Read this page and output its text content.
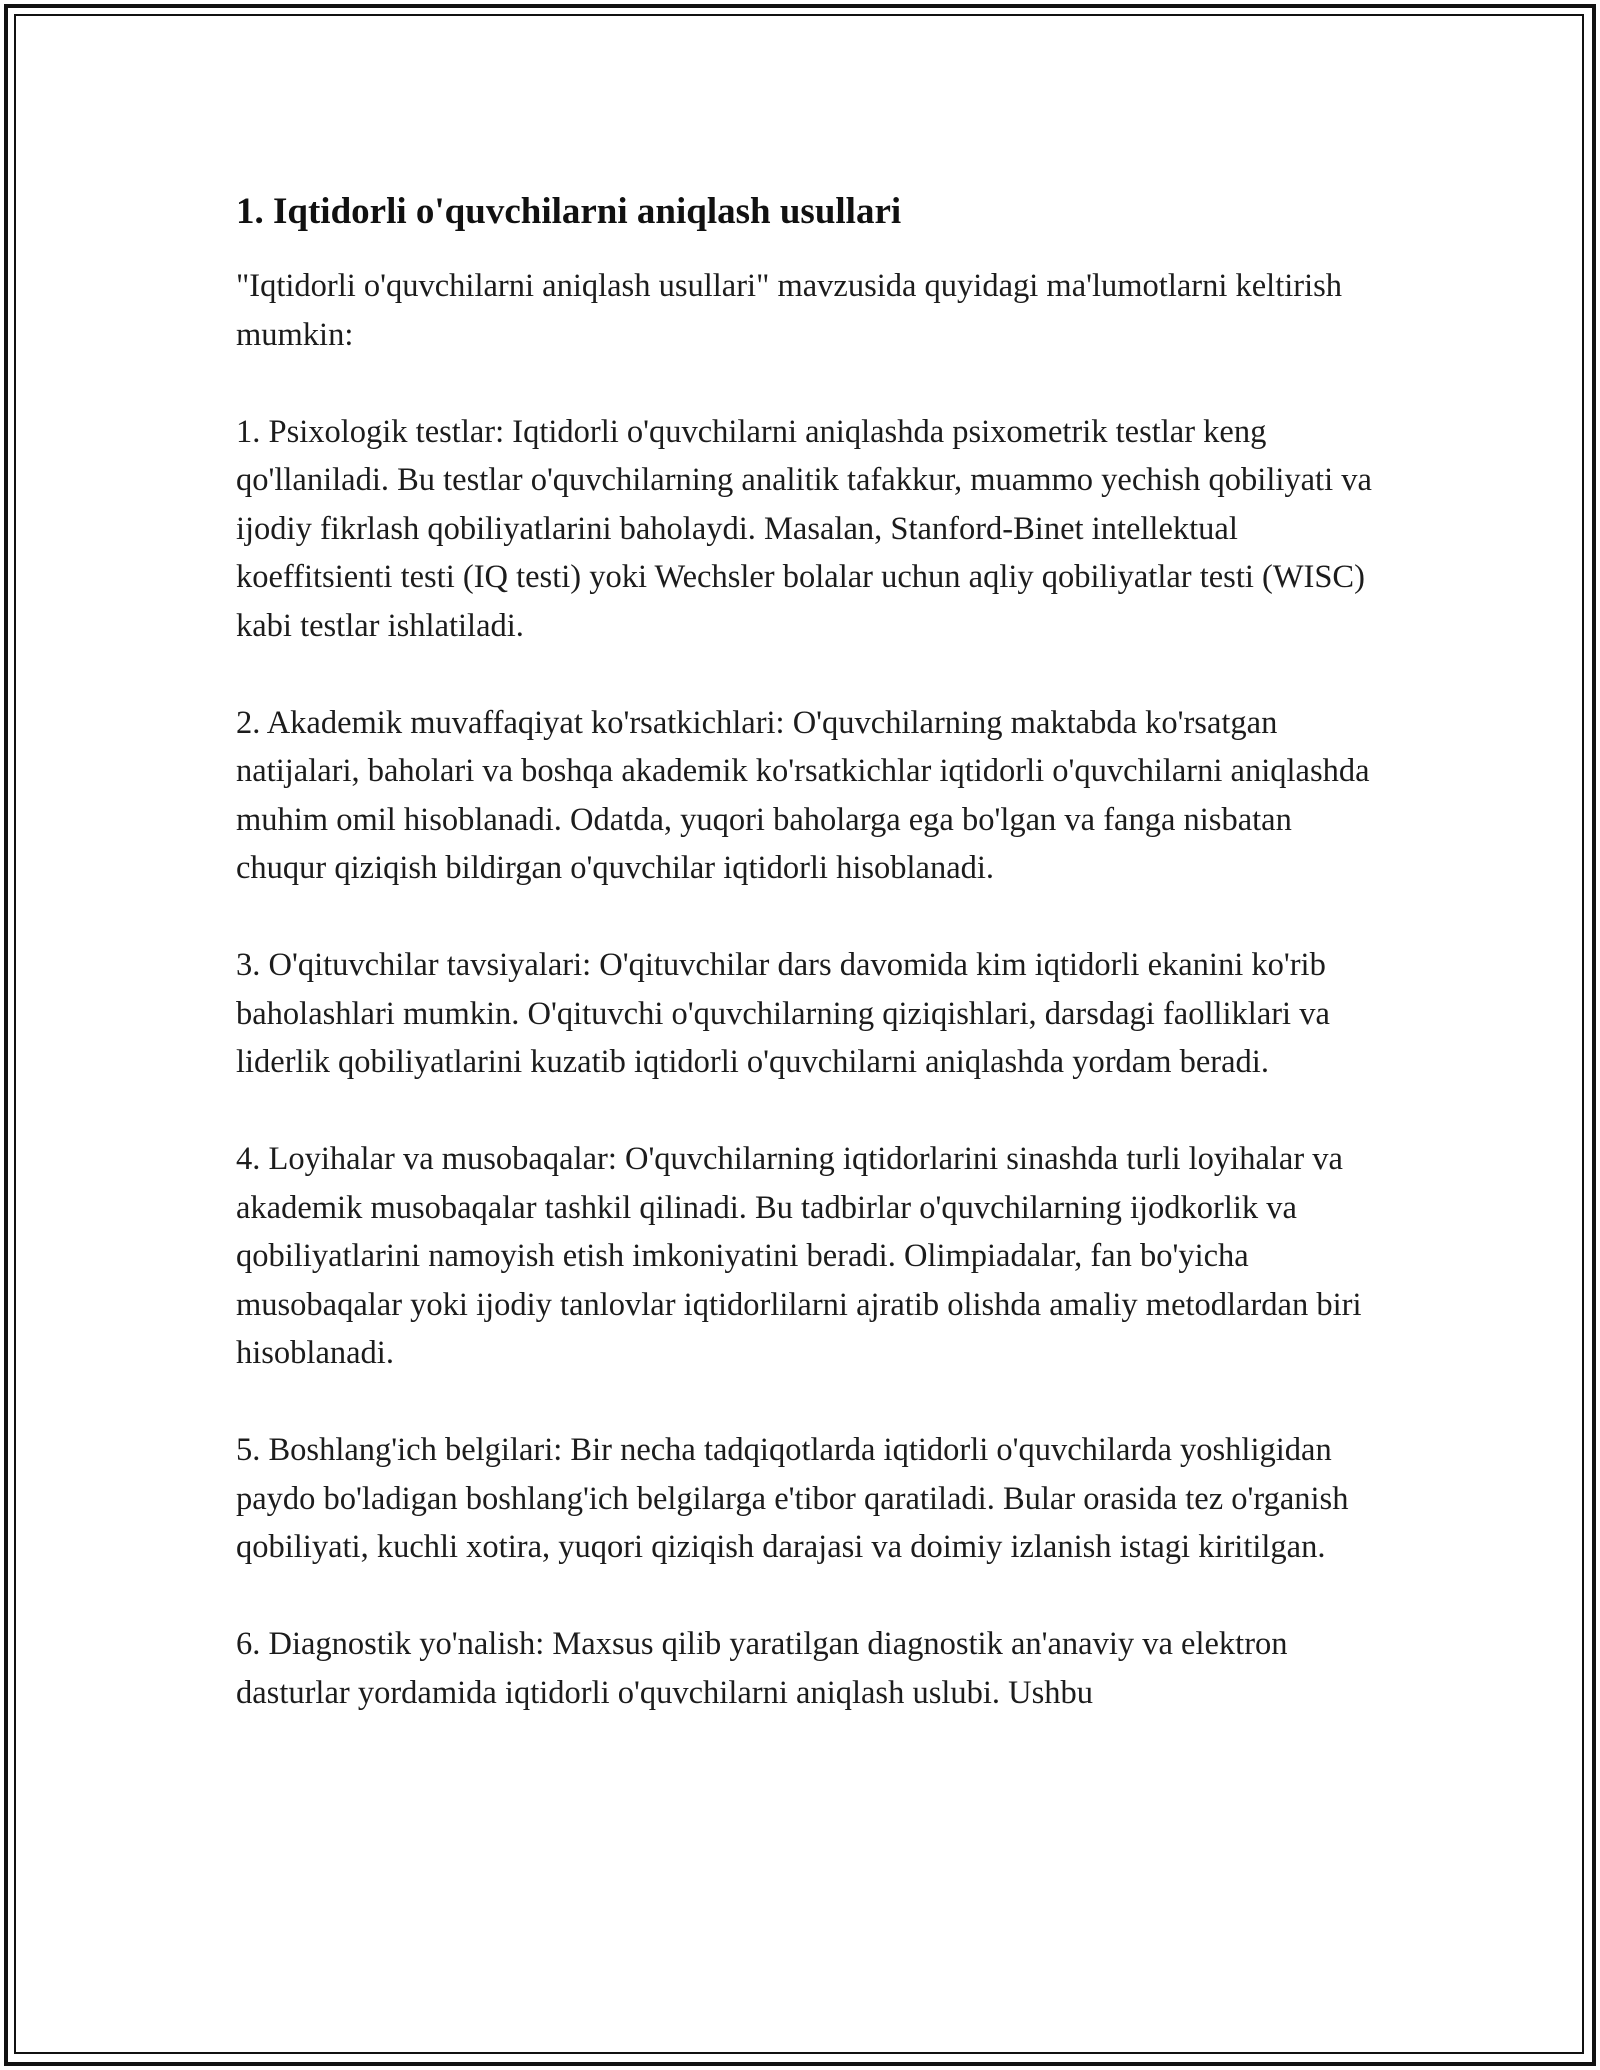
1. Iqtidorli o'quvchilarni aniqlash usullari

"Iqtidorli o'quvchilarni aniqlash usullari" mavzusida quyidagi ma'lumotlarni keltirish mumkin:

1. Psixologik testlar: Iqtidorli o'quvchilarni aniqlashda psixometrik testlar keng qo'llaniladi. Bu testlar o'quvchilarning analitik tafakkur, muammo yechish qobiliyati va ijodiy fikrlash qobiliyatlarini baholaydi. Masalan, Stanford-Binet intellektual koeffitsienti testi (IQ testi) yoki Wechsler bolalar uchun aqliy qobiliyatlar testi (WISC) kabi testlar ishlatiladi.

2. Akademik muvaffaqiyat ko'rsatkichlari: O'quvchilarning maktabda ko'rsatgan natijalari, baholari va boshqa akademik ko'rsatkichlar iqtidorli o'quvchilarni aniqlashda muhim omil hisoblanadi. Odatda, yuqori baholarga ega bo'lgan va fanga nisbatan chuqur qiziqish bildirgan o'quvchilar iqtidorli hisoblanadi.

3. O'qituvchilar tavsiyalari: O'qituvchilar dars davomida kim iqtidorli ekanini ko'rib baholashlari mumkin. O'qituvchi o'quvchilarning qiziqishlari, darsdagi faolliklari va liderlik qobiliyatlarini kuzatib iqtidorli o'quvchilarni aniqlashda yordam beradi.

4. Loyihalar va musobaqalar: O'quvchilarning iqtidorlarini sinashda turli loyihalar va akademik musobaqalar tashkil qilinadi. Bu tadbirlar o'quvchilarning ijodkorlik va qobiliyatlarini namoyish etish imkoniyatini beradi. Olimpiadalar, fan bo'yicha musobaqalar yoki ijodiy tanlovlar iqtidorlilarni ajratib olishda amaliy metodlardan biri hisoblanadi.

5. Boshlang'ich belgilari: Bir necha tadqiqotlarda iqtidorli o'quvchilarda yoshligidan paydo bo'ladigan boshlang'ich belgilarga e'tibor qaratiladi. Bular orasida tez o'rganish qobiliyati, kuchli xotira, yuqori qiziqish darajasi va doimiy izlanish istagi kiritilgan.

6. Diagnostik yo'nalish: Maxsus qilib yaratilgan diagnostik an'anaviy va elektron dasturlar yordamida iqtidorli o'quvchilarni aniqlash uslubi. Ushbu
